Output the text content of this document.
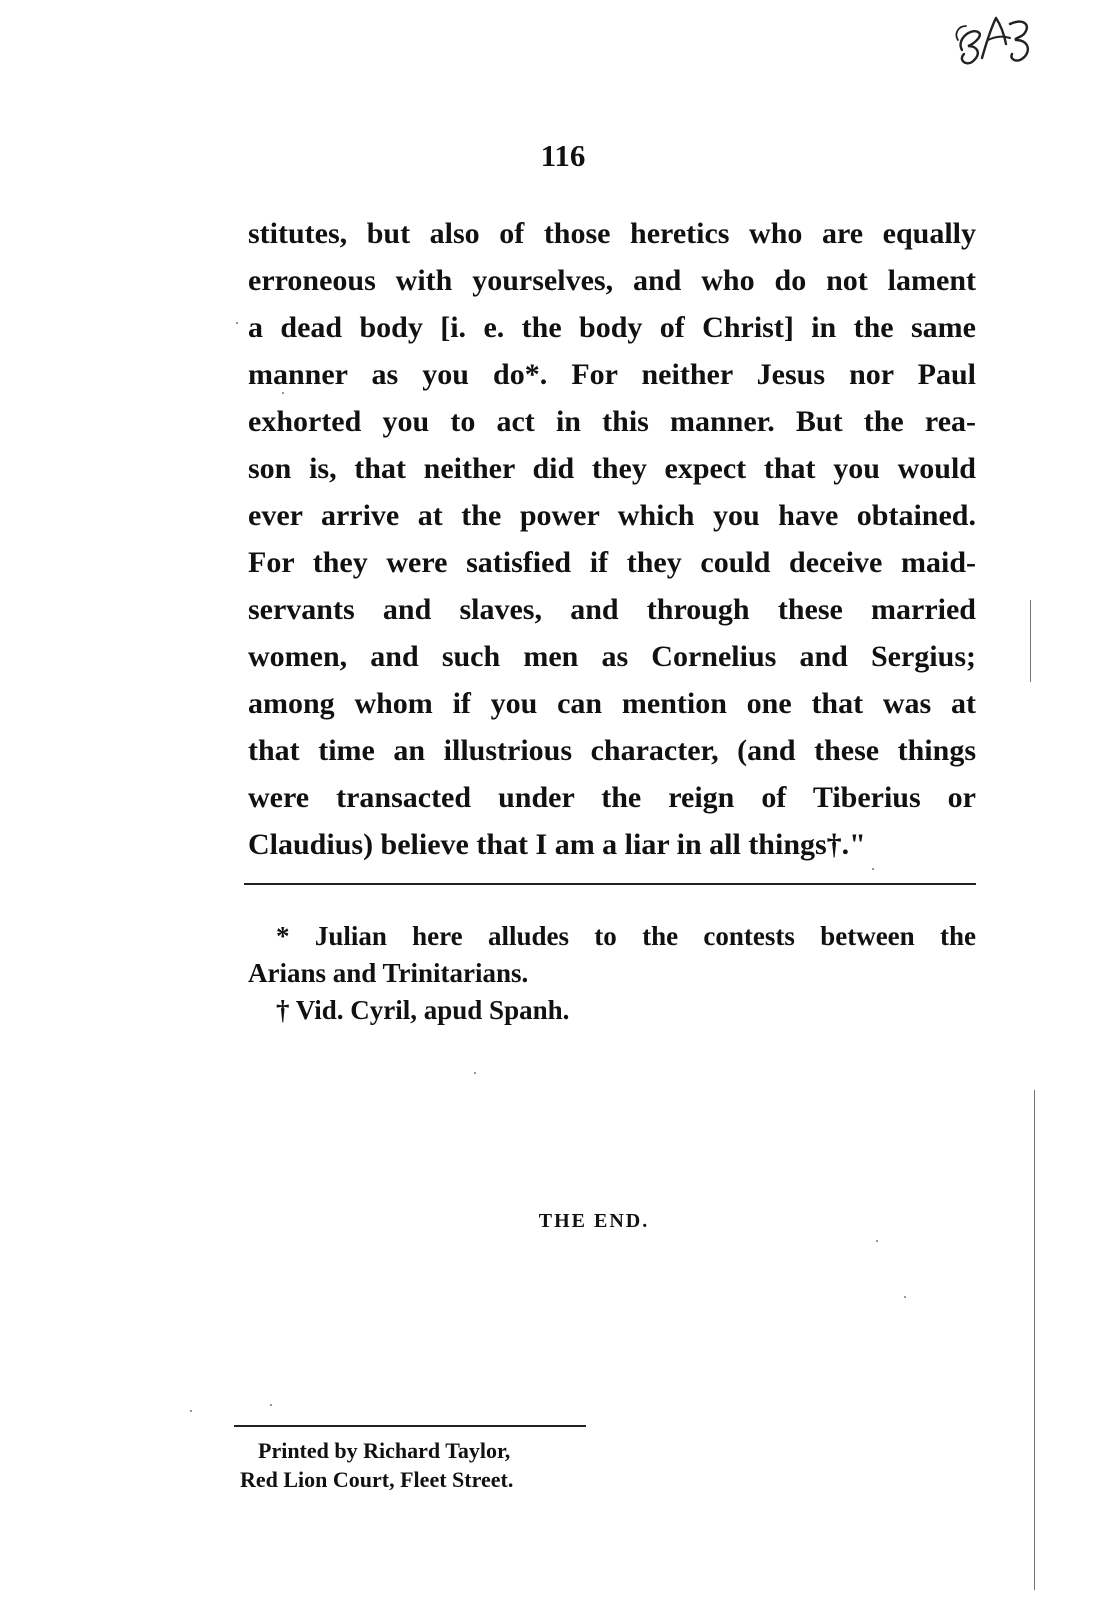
116
stitutes, but also of those heretics who are equally
erroneous with yourselves, and who do not lament
a dead body [i. e. the body of Christ] in the same
manner as you do*. For neither Jesus nor Paul
exhorted you to act in this manner. But the rea-
son is, that neither did they expect that you would
ever arrive at the power which you have obtained.
For they were satisfied if they could deceive maid-
servants and slaves, and through these married
women, and such men as Cornelius and Sergius;
among whom if you can mention one that was at
that time an illustrious character, (and these things
were transacted under the reign of Tiberius or
Claudius) believe that I am a liar in all things†."
* Julian here alludes to the contests between the
Arians and Trinitarians.
† Vid. Cyril, apud Spanh.
THE END.
Printed by Richard Taylor,
Red Lion Court, Fleet Street.
